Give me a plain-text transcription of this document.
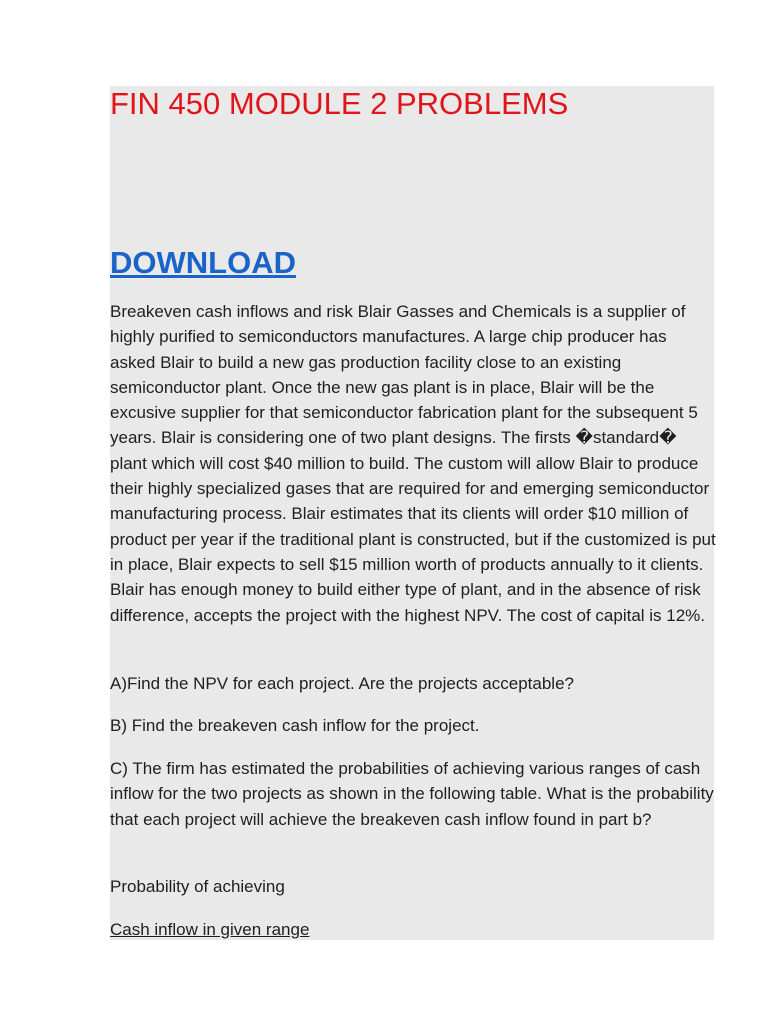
FIN 450 MODULE 2 PROBLEMS
DOWNLOAD

Breakeven cash inflows and risk Blair Gasses and Chemicals is a supplier of highly purified to semiconductors manufactures. A large chip producer has asked Blair to build a new gas production facility close to an existing semiconductor plant. Once the new gas plant is in place, Blair will be the excusive supplier for that semiconductor fabrication plant for the subsequent 5 years. Blair is considering one of two plant designs. The firsts �standard� plant which will cost $40 million to build. The custom will allow Blair to produce their highly specialized gases that are required for and emerging semiconductor manufacturing process. Blair estimates that its clients will order $10 million of product per year if the traditional plant is constructed, but if the customized is put in place, Blair expects to sell $15 million worth of products annually to it clients. Blair has enough money to build either type of plant, and in the absence of risk difference, accepts the project with the highest NPV. The cost of capital is 12%.

A)Find the NPV for each project. Are the projects acceptable?

B) Find the breakeven cash inflow for the project.

C) The firm has estimated the probabilities of achieving various ranges of cash inflow for the two projects as shown in the following table. What is the probability that each project will achieve the breakeven cash inflow found in part b?

Probability of achieving

Cash inflow in given range
